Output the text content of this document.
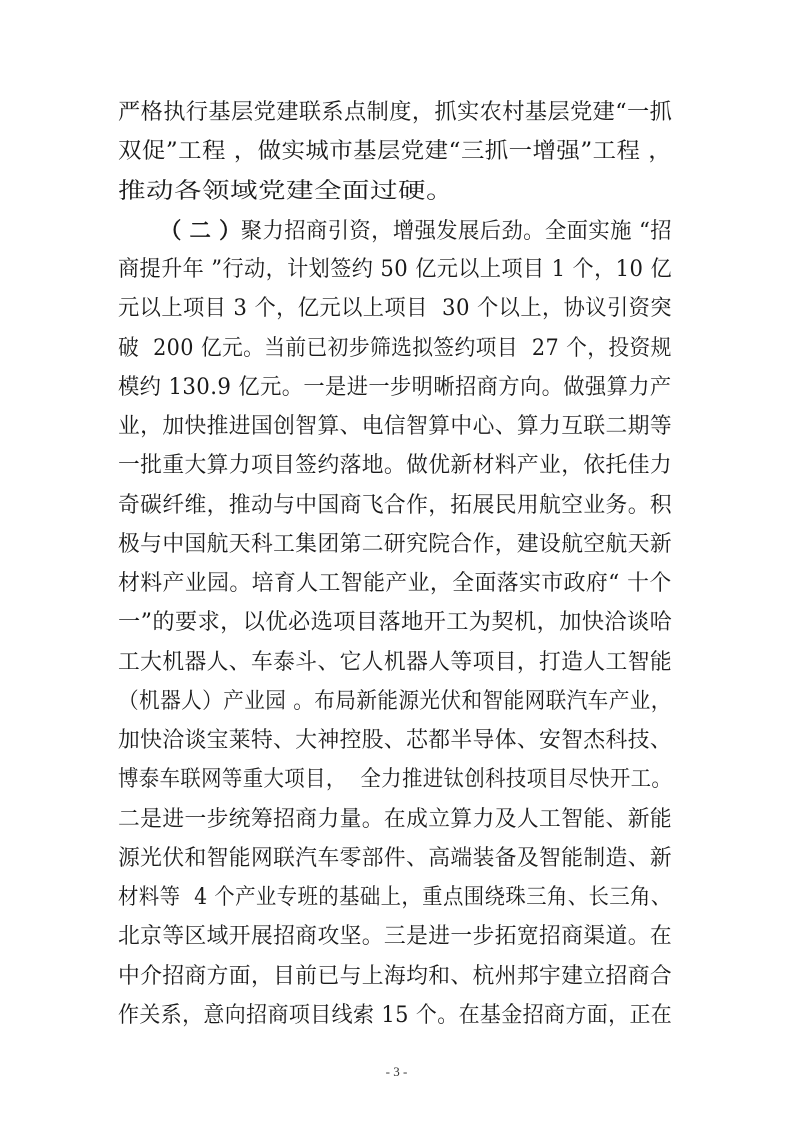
严格执行基层党建联系点制度，抓实农村基层党建“一抓
双促”工程 ，做实城市基层党建“三抓一增强”工程 ，
推动各领域党建全面过硬。
（ 二 ）聚力招商引资，增强发展后劲。全面实施 “招
商提升年 ”行动，计划签约 50 亿元以上项目 1 个，10 亿
元以上项目 3 个，亿元以上项目  30 个以上，协议引资突
破  200 亿元。当前已初步筛选拟签约项目  27 个，投资规
模约 130.9 亿元。一是进一步明晰招商方向。做强算力产
业，加快推进国创智算、电信智算中心、算力互联二期等
一批重大算力项目签约落地。做优新材料产业，依托佳力
奇碳纤维，推动与中国商飞合作，拓展民用航空业务。积
极与中国航天科工集团第二研究院合作，建设航空航天新
材料产业园。培育人工智能产业，全面落实市政府“ 十个
一”的要求，以优必选项目落地开工为契机，加快洽谈哈
工大机器人、车泰斗、它人机器人等项目，打造人工智能
（机器人）产业园 。布局新能源光伏和智能网联汽车产业，
加快洽谈宝莱特、大神控股、芯都半导体、安智杰科技、
博泰车联网等重大项目，  全力推进钛创科技项目尽快开工。
二是进一步统筹招商力量。在成立算力及人工智能、新能
源光伏和智能网联汽车零部件、高端装备及智能制造、新
材料等  4 个产业专班的基础上，重点围绕珠三角、长三角、
北京等区域开展招商攻坚。三是进一步拓宽招商渠道。在
中介招商方面，目前已与上海均和、杭州邦宇建立招商合
作关系，意向招商项目线索 15 个。在基金招商方面，正在
- 3 -
